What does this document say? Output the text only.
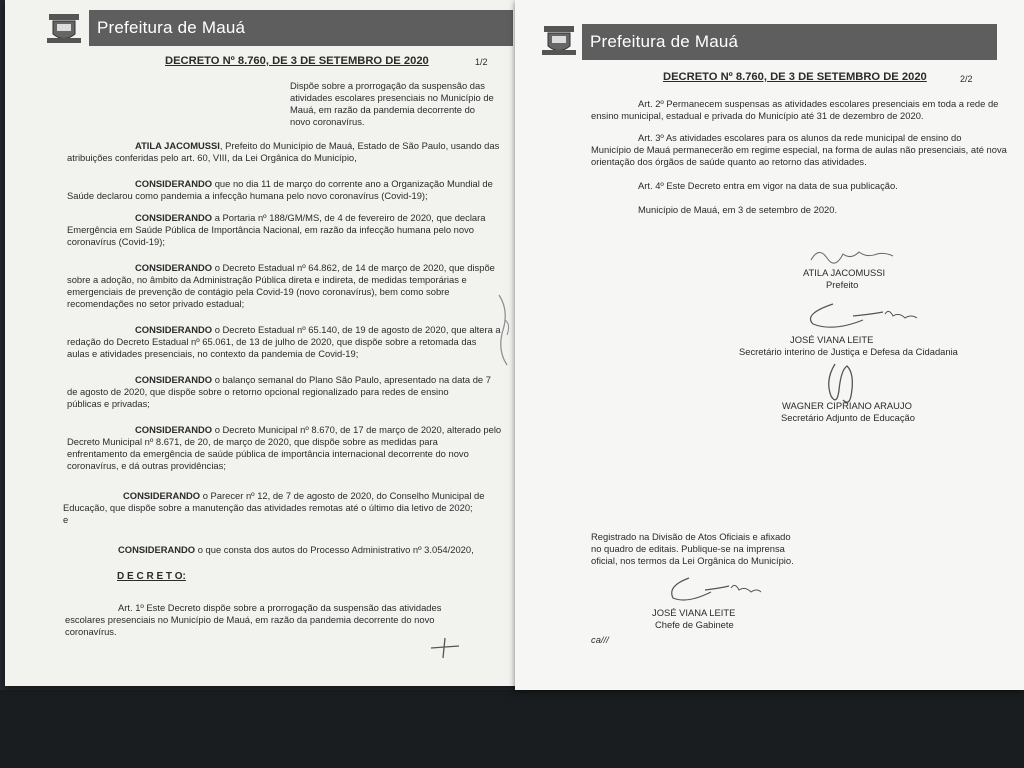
Prefeitura de Mauá
DECRETO Nº 8.760, DE 3 DE SETEMBRO DE 2020	1/2
Dispõe sobre a prorrogação da suspensão das
atividades escolares presenciais no Município de
Mauá, em razão da pandemia decorrente do
novo coronavírus.
ATILA JACOMUSSI, Prefeito do Município de Mauá, Estado de São Paulo, usando das
atribuições conferidas pelo art. 60, VIII, da Lei Orgânica do Município,
CONSIDERANDO que no dia 11 de março do corrente ano a Organização Mundial de
Saúde declarou como pandemia a infecção humana pelo novo coronavírus (Covid-19);
CONSIDERANDO a Portaria nº 188/GM/MS, de 4 de fevereiro de 2020, que declara
Emergência em Saúde Pública de Importância Nacional, em razão da infecção humana pelo novo
coronavírus (Covid-19);
CONSIDERANDO o Decreto Estadual nº 64.862, de 14 de março de 2020, que dispõe
sobre a adoção, no âmbito da Administração Pública direta e indireta, de medidas temporárias e
emergenciais de prevenção de contágio pela Covid-19 (novo coronavírus), bem como sobre
recomendações no setor privado estadual;
CONSIDERANDO o Decreto Estadual nº 65.140, de 19 de agosto de 2020, que altera a
redação do Decreto Estadual nº 65.061, de 13 de julho de 2020, que dispõe sobre a retomada das
aulas e atividades presenciais, no contexto da pandemia de Covid-19;
CONSIDERANDO o balanço semanal do Plano São Paulo, apresentado na data de 7
de agosto de 2020, que dispõe sobre o retorno opcional regionalizado para redes de ensino
públicas e privadas;
CONSIDERANDO o Decreto Municipal nº 8.670, de 17 de março de 2020, alterado pelo
Decreto Municipal nº 8.671, de 20, de março de 2020, que dispõe sobre as medidas para
enfrentamento da emergência de saúde pública de importância internacional decorrente do novo
coronavírus, e dá outras providências;
CONSIDERANDO o Parecer nº 12, de 7 de agosto de 2020, do Conselho Municipal de
Educação, que dispõe sobre a manutenção das atividades remotas até o último dia letivo de 2020;
e
CONSIDERANDO o que consta dos autos do Processo Administrativo nº 3.054/2020,
D E C R E T O:
Art. 1º Este Decreto dispõe sobre a prorrogação da suspensão das atividades
escolares presenciais no Município de Mauá, em razão da pandemia decorrente do novo
coronavírus.
Prefeitura de Mauá
DECRETO Nº 8.760, DE 3 DE SETEMBRO DE 2020	2/2
Art. 2º Permanecem suspensas as atividades escolares presenciais em toda a rede de
ensino municipal, estadual e privada do Município até 31 de dezembro de 2020.
Art. 3º As atividades escolares para os alunos da rede municipal de ensino do
Município de Mauá permanecerão em regime especial, na forma de aulas não presenciais, até nova
orientação dos órgãos de saúde quanto ao retorno das atividades.
Art. 4º Este Decreto entra em vigor na data de sua publicação.
Município de Mauá, em 3 de setembro de 2020.
ATILA JACOMUSSI
Prefeito
JOSÉ VIANA LEITE
Secretário interino de Justiça e Defesa da Cidadania
WAGNER CIPRIANO ARAUJO
Secretário Adjunto de Educação
Registrado na Divisão de Atos Oficiais e afixado
no quadro de editais. Publique-se na imprensa
oficial, nos termos da Lei Orgânica do Município.
JOSÉ VIANA LEITE
Chefe de Gabinete
ca///
